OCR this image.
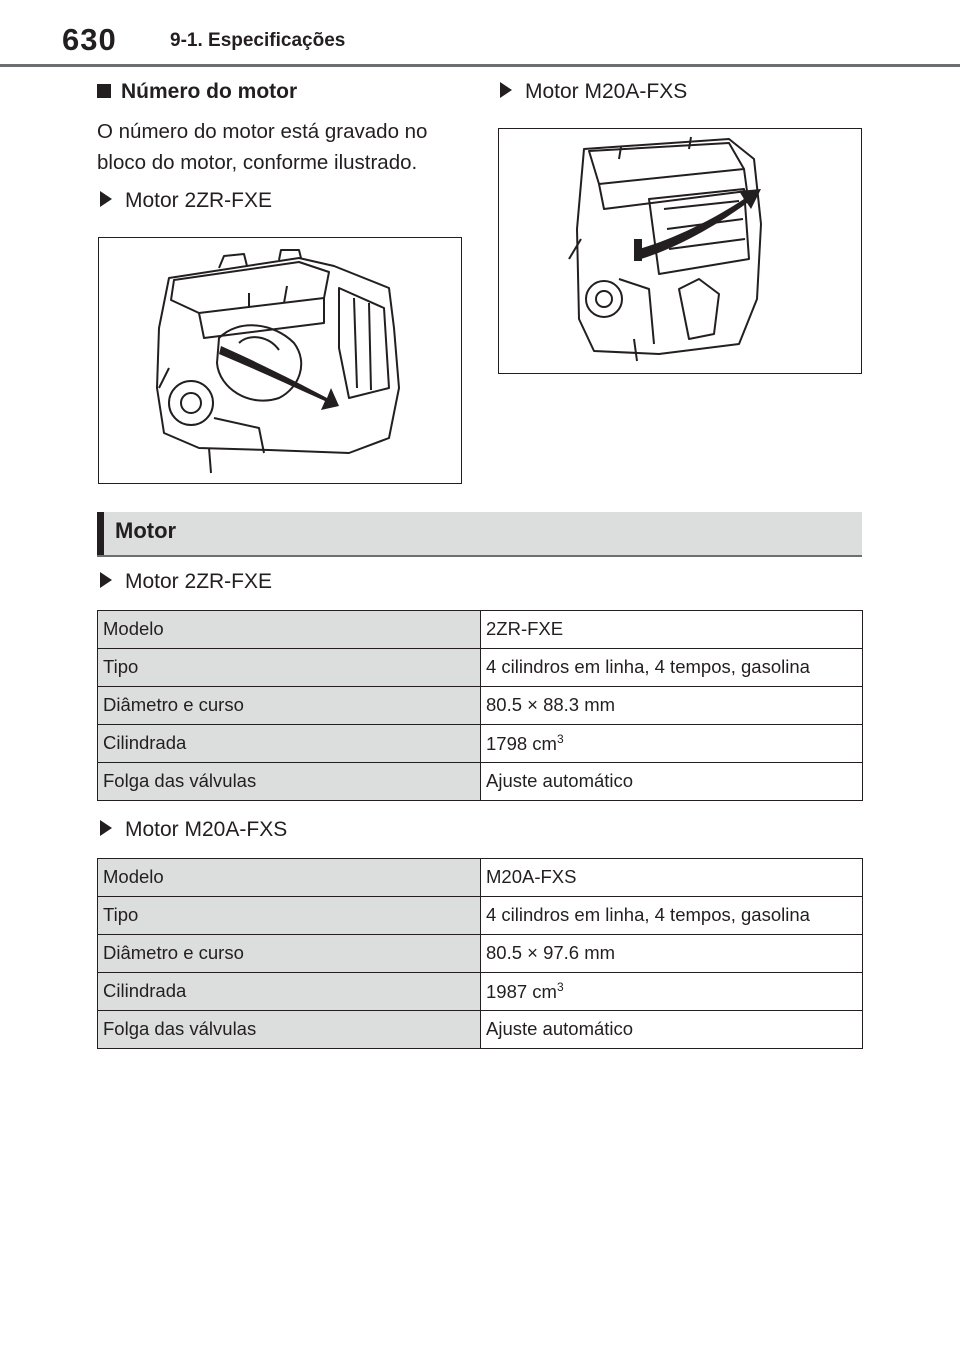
630	9-1. Especificações
Número do motor
O número do motor está gravado no bloco do motor, conforme ilustrado.
Motor 2ZR-FXE
Motor M20A-FXS
Motor
Motor 2ZR-FXE
Modelo	2ZR-FXE
Tipo	4 cilindros em linha, 4 tempos, gasolina
Diâmetro e curso	80.5 × 88.3 mm
Cilindrada	1798 $cm^3$
Folga das válvulas	Ajuste automático
Motor M20A-FXS
Modelo	M20A-FXS
Tipo	4 cilindros em linha, 4 tempos, gasolina
Diâmetro e curso	80.5 × 97.6 mm
Cilindrada	1987 $cm^3$
Folga das válvulas	Ajuste automático
